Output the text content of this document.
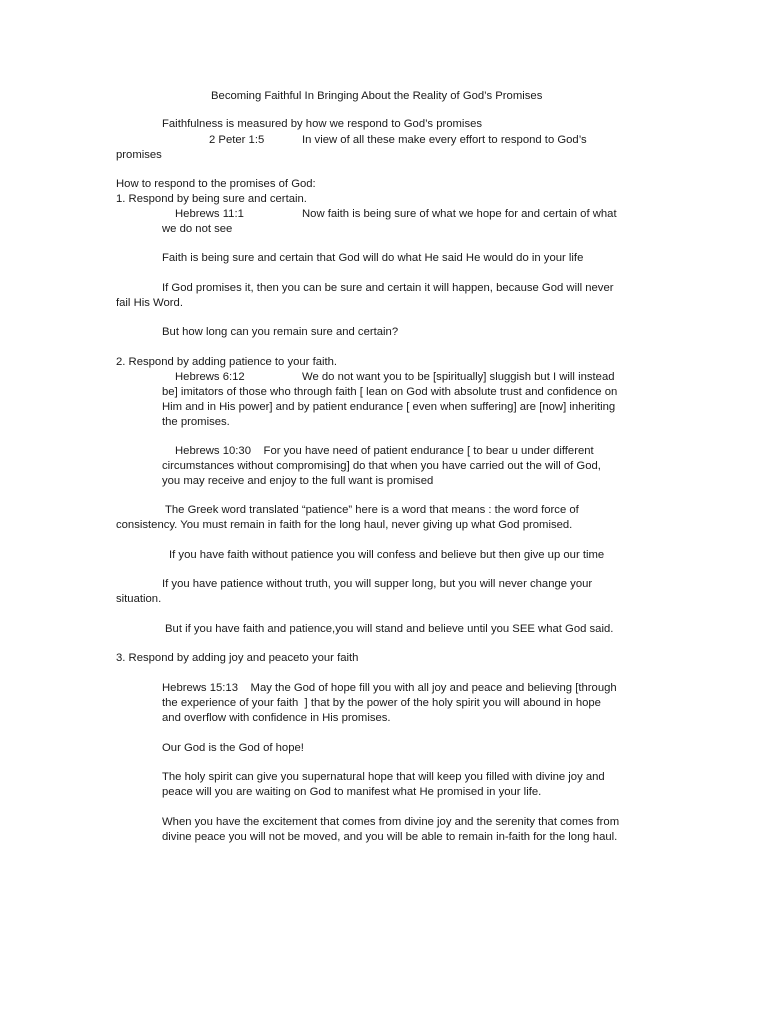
Becoming Faithful In Bringing About the Reality of God’s Promises
Faithfulness is measured by how we respond to God’s promises
2 Peter 1:5	In view of all these make every effort to respond to God’s
promises
How to respond to the promises of God:
1. Respond by being sure and certain.
Hebrews 11:1	Now faith is being sure of what we hope for and certain of what
we do not see
Faith is being sure and certain that God will do what He said He would do in your life
If God promises it, then you can be sure and certain it will happen, because God will never
fail His Word.
But how long can you remain sure and certain?
2. Respond by adding patience to your faith.
Hebrews 6:12	We do not want you to be [spiritually] sluggish but I will instead
be] imitators of those who through faith [ lean on God with absolute trust and confidence on
Him and in His power] and by patient endurance [ even when suffering] are [now] inheriting
the promises.
Hebrews 10:30    For you have need of patient endurance [ to bear u under different
circumstances without compromising] do that when you have carried out the will of God,
you may receive and enjoy to the full want is promised
The Greek word translated “patience” here is a word that means : the word force of
consistency. You must remain in faith for the long haul, never giving up what God promised.
If you have faith without patience you will confess and believe but then give up our time
If you have patience without truth, you will supper long, but you will never change your
situation.
But if you have faith and patience,you will stand and believe until you SEE what God said.
3. Respond by adding joy and peaceto your faith
Hebrews 15:13    May the God of hope fill you with all joy and peace and believing [through
the experience of your faith  ] that by the power of the holy spirit you will abound in hope
and overflow with confidence in His promises.
Our God is the God of hope!
The holy spirit can give you supernatural hope that will keep you filled with divine joy and
peace will you are waiting on God to manifest what He promised in your life.
When you have the excitement that comes from divine joy and the serenity that comes from
divine peace you will not be moved, and you will be able to remain in-faith for the long haul.
